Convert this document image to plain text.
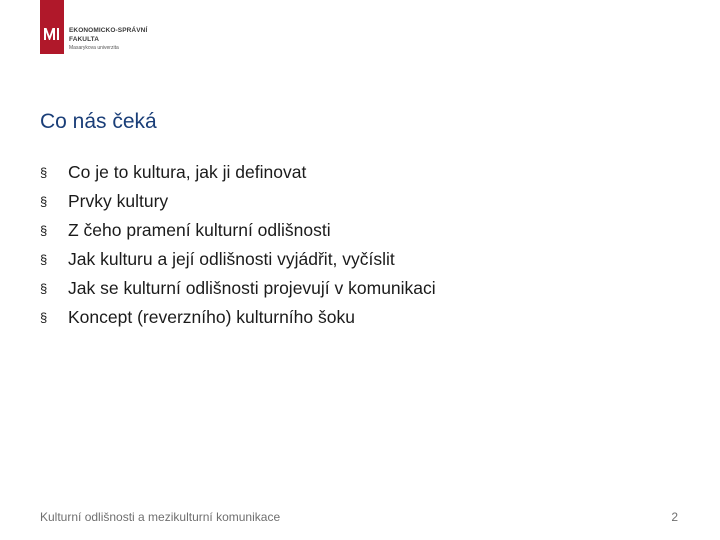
EKONOMICKO-SPRÁVNÍ
FAKULTA
Masarykova univerzita
Co nás čeká
§	Co je to kultura, jak ji definovat
§	Prvky kultury
§	Z čeho pramení kulturní odlišnosti
§	Jak kulturu a její odlišnosti vyjádřit, vyčíslit
§	Jak se kulturní odlišnosti projevují v komunikaci
§	Koncept (reverzního) kulturního šoku
Kulturní odlišnosti a mezikulturní komunikace	2
